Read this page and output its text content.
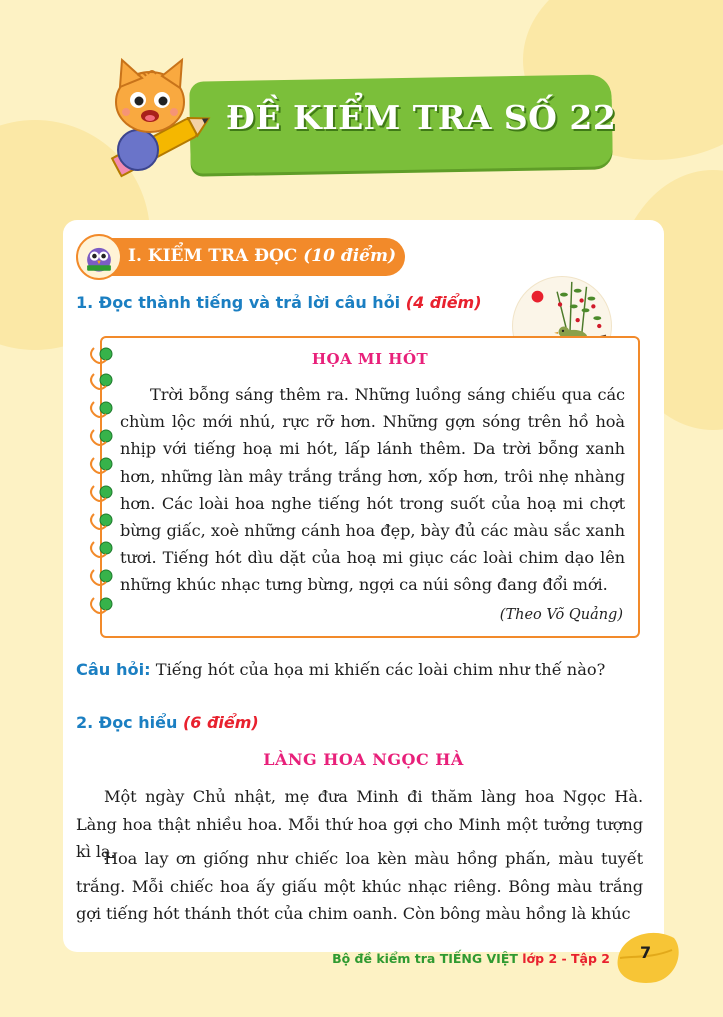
ĐỀ KIỂM TRA SỐ 22
I. KIỂM TRA ĐỌC (10 điểm)
1. Đọc thành tiếng và trả lời câu hỏi (4 điểm)
HỌA MI HÓT
Trời bỗng sáng thêm ra. Những luồng sáng chiếu qua các chùm lộc mới nhú, rực rỡ hơn. Những gợn sóng trên hồ hoà nhịp với tiếng hoạ mi hót, lấp lánh thêm. Da trời bỗng xanh hơn, những làn mây trắng trắng hơn, xốp hơn, trôi nhẹ nhàng hơn. Các loài hoa nghe tiếng hót trong suốt của hoạ mi chợt bừng giấc, xoè những cánh hoa đẹp, bày đủ các màu sắc xanh tươi. Tiếng hót dìu dặt của hoạ mi giục các loài chim dạo lên những khúc nhạc tưng bừng, ngợi ca núi sông đang đổi mới.
(Theo Võ Quảng)
Câu hỏi: Tiếng hót của họa mi khiến các loài chim như thế nào?
2. Đọc hiểu (6 điểm)
LÀNG HOA NGỌC HÀ
Một ngày Chủ nhật, mẹ đưa Minh đi thăm làng hoa Ngọc Hà. Làng hoa thật nhiều hoa. Mỗi thứ hoa gợi cho Minh một tưởng tượng kì lạ.
Hoa lay ơn giống như chiếc loa kèn màu hồng phấn, màu tuyết trắng. Mỗi chiếc hoa ấy giấu một khúc nhạc riêng. Bông màu trắng gợi tiếng hót thánh thót của chim oanh. Còn bông màu hồng là khúc
Bộ đề kiểm tra TIẾNG VIỆT lớp 2 - Tập 2 7
